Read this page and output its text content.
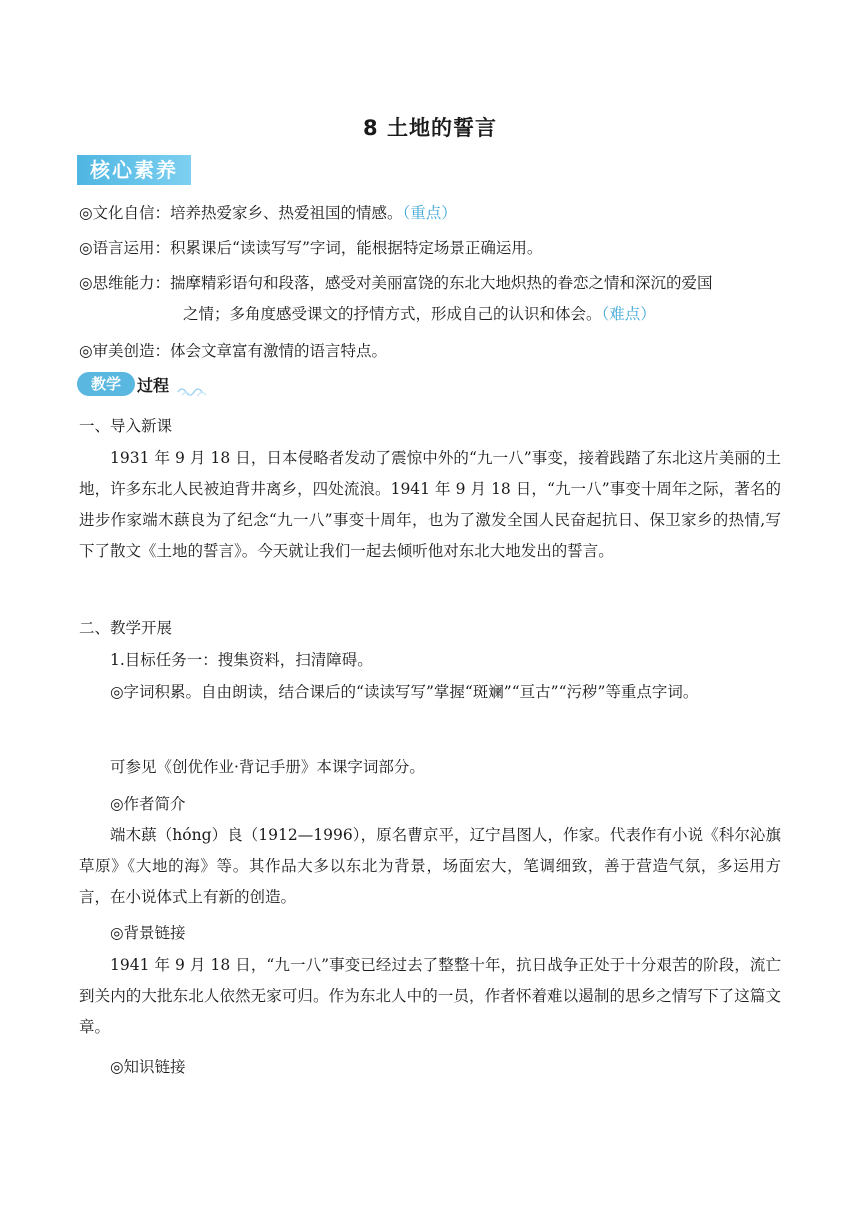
8 土地的誓言
核心素养
◎文化自信：培养热爱家乡、热爱祖国的情感。（重点）
◎语言运用：积累课后“读读写写”字词，能根据特定场景正确运用。
◎思维能力：揣摩精彩语句和段落，感受对美丽富饶的东北大地炽热的眷恋之情和深沉的爱国
之情；多角度感受课文的抒情方式，形成自己的认识和体会。（难点）
◎审美创造：体会文章富有激情的语言特点。
教学	过程
一、导入新课
1931 年 9 月 18 日，日本侵略者发动了震惊中外的“九一八”事变，接着践踏了东北这片美丽的土地，许多东北人民被迫背井离乡，四处流浪。1941 年 9 月 18 日，“九一八”事变十周年之际，著名的进步作家端木蕻良为了纪念“九一八”事变十周年，也为了激发全国人民奋起抗日、保卫家乡的热情,写下了散文《土地的誓言》。今天就让我们一起去倾听他对东北大地发出的誓言。
二、教学开展
1.目标任务一：搜集资料，扫清障碍。
◎字词积累。自由朗读，结合课后的“读读写写”掌握“斑斓”“亘古”“污秽”等重点字词。
可参见《创优作业·背记手册》本课字词部分。
◎作者简介
端木蕻（hóng）良（1912—1996），原名曹京平，辽宁昌图人，作家。代表作有小说《科尔沁旗草原》《大地的海》等。其作品大多以东北为背景，场面宏大，笔调细致，善于营造气氛，多运用方言，在小说体式上有新的创造。
◎背景链接
1941 年 9 月 18 日，“九一八”事变已经过去了整整十年，抗日战争正处于十分艰苦的阶段，流亡到关内的大批东北人依然无家可归。作为东北人中的一员，作者怀着难以遏制的思乡之情写下了这篇文章。
◎知识链接
